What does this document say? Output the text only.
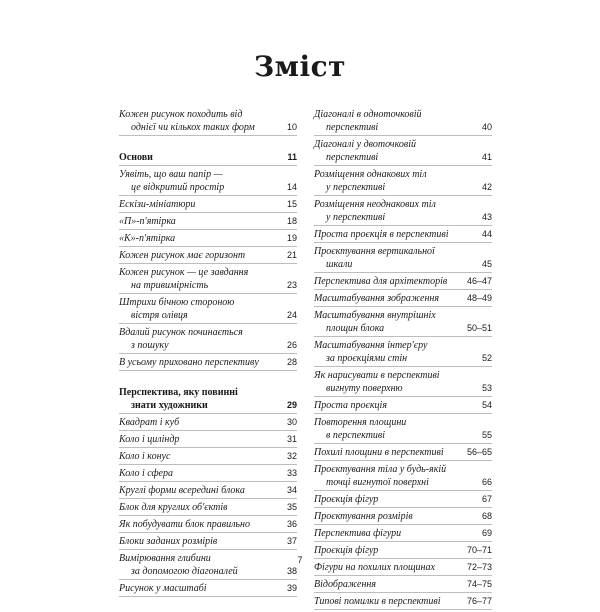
Зміст
Кожен рисунок походить від
однієї чи кількох таких форм	10
Основи	11
Уявіть, що ваш папір —
це відкритий простір	14
Ескізи-мініатюри	15
«П»-п'ятірка	18
«К»-п'ятірка	19
Кожен рисунок має горизонт	21
Кожен рисунок — це завдання
на тривимірність	23
Штрихи бічною стороною
вістря олівця	24
Вдалий рисунок починається
з пошуку	26
В усьому приховано перспективу	28
Перспектива, яку повинні
знати художники	29
Квадрат і куб	30
Коло і циліндр	31
Коло і конус	32
Коло і сфера	33
Круглі форми всередині блока	34
Блок для круглих об'єктів	35
Як побудувати блок правильно	36
Блоки заданих розмірів	37
Вимірювання глибини
за допомогою діагоналей	38
Рисунок у масштабі	39
Діагоналі в одноточковій
перспективі	40
Діагоналі у двоточковій
перспективі	41
Розміщення однакових тіл
у перспективі	42
Розміщення неоднакових тіл
у перспективі	43
Проста проєкція в перспективі	44
Проєктування вертикальної
шкали	45
Перспектива для архітекторів	46–47
Масштабування зображення	48–49
Масштабування внутрішніх
площин блока	50–51
Масштабування інтер'єру
за проєкціями стін	52
Як нарисувати в перспективі
вигнуту поверхню	53
Проста проєкція	54
Повторення площини
в перспективі	55
Похилі площини в перспективі	56–65
Проєктування тіла у будь-якій
точці вигнутої поверхні	66
Проєкція фігур	67
Проєктування розмірів	68
Перспектива фігури	69
Проєкція фігур	70–71
Фігури на похилих площинах	72–73
Відображення	74–75
Типові помилки в перспективі	76–77
7
